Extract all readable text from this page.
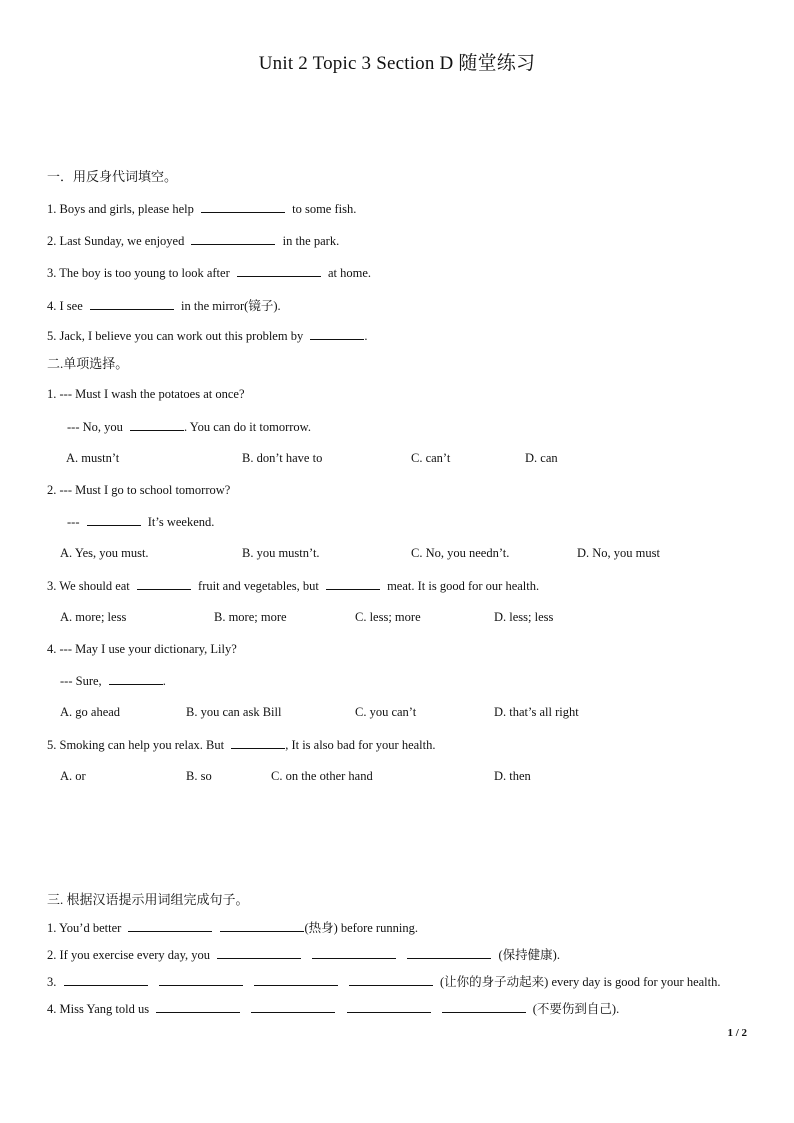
Unit 2 Topic 3 Section D 随堂练习
一．用反身代词填空。
1. Boys and girls, please help	to some fish.
2. Last Sunday, we enjoyed	in the park.
3. The boy is too young to look after	at home.
4. I see	in the mirror(镜子).
5. Jack, I believe you can work out this problem by	.
二.单项选择。
1. --- Must I wash the potatoes at once?
--- No, you	. You can do it tomorrow.
A. mustn’t	B. don’t have to	C. can’t	D. can
2. --- Must I go to school tomorrow?
---	It’s weekend.
A. Yes, you must.	B. you mustn’t.	C. No, you needn’t.	D. No, you must
3. We should eat	fruit and vegetables, but	meat. It is good for our health.
A. more; less	B. more; more	C. less; more	D. less; less
4. --- May I use your dictionary, Lily?
--- Sure,	.
A. go ahead	B. you can ask Bill	C. you can’t	D. that’s all right
5. Smoking can help you relax. But	, It is also bad for your health.
A. or	B. so	C. on the other hand	D. then
三. 根据汉语提示用词组完成句子。
1. You’d better	(热身) before running.
2. If you exercise every day, you	(保持健康).
3.	(让你的身子动起来) every day is good for your health.
4. Miss Yang told us	(不要伤到自己).
1 / 2
